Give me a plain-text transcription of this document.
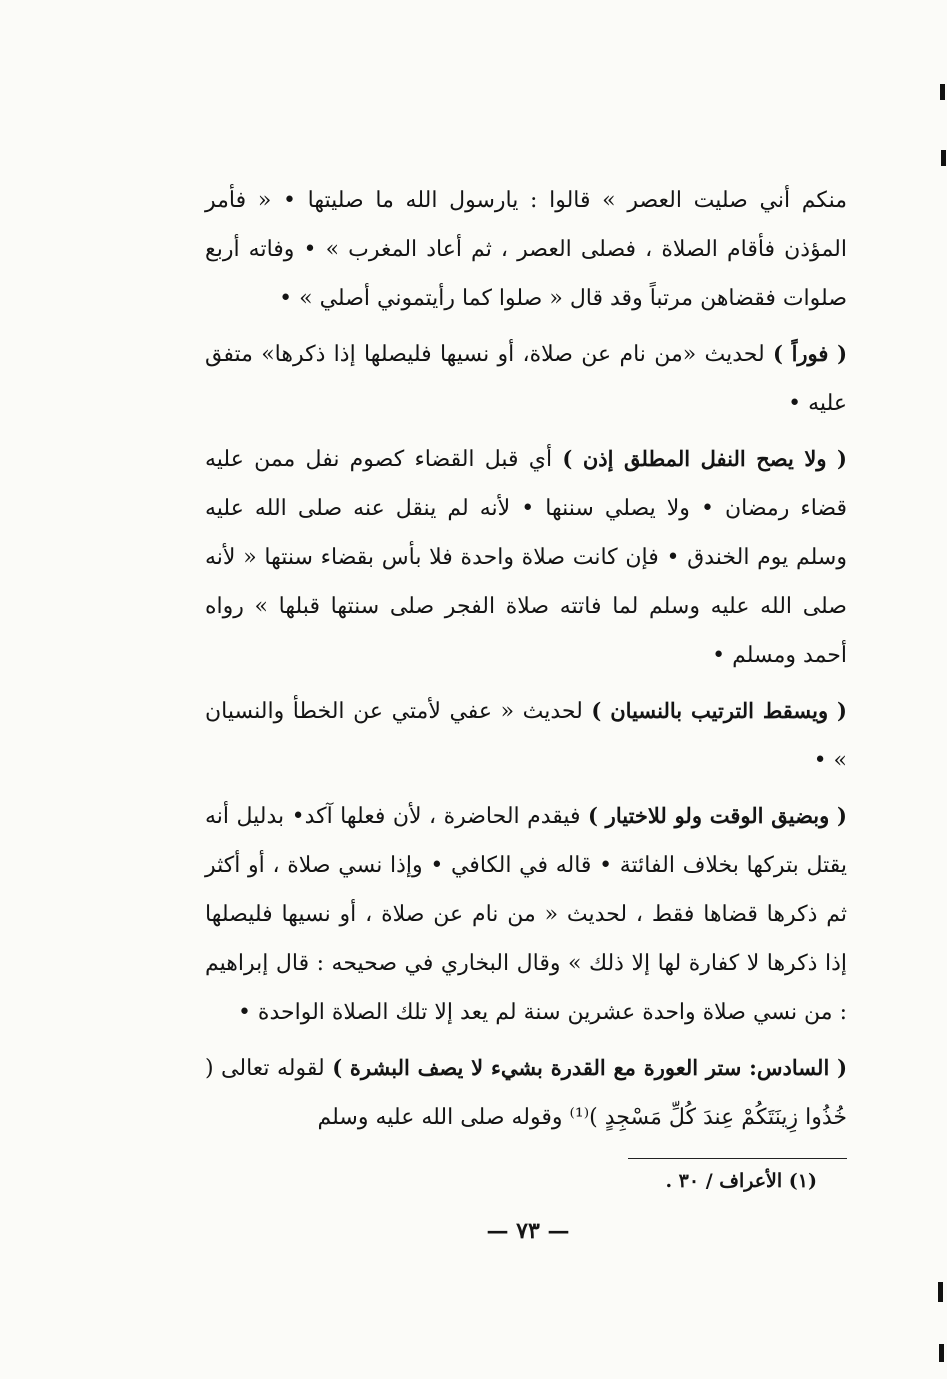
منكم أني صليت العصر » قالوا : يارسول الله ما صليتها • « فأمر المؤذن فأقام الصلاة ، فصلى العصر ، ثم أعاد المغرب » • وفاته أربع صلوات فقضاهن مرتباً وقد قال « صلوا كما رأيتموني أصلي » •

( فوراً ) لحديث «من نام عن صلاة، أو نسيها فليصلها إذا ذكرها» متفق عليه •

( ولا يصح النفل المطلق إذن ) أي قبل القضاء كصوم نفل ممن عليه قضاء رمضان • ولا يصلي سننها • لأنه لم ينقل عنه صلى الله عليه وسلم يوم الخندق • فإن كانت صلاة واحدة فلا بأس بقضاء سنتها « لأنه صلى الله عليه وسلم لما فاتته صلاة الفجر صلى سنتها قبلها » رواه أحمد ومسلم •

( ويسقط الترتيب بالنسيان ) لحديث « عفي لأمتي عن الخطأ والنسيان » •

( وبضيق الوقت ولو للاختيار ) فيقدم الحاضرة ، لأن فعلها آكد• بدليل أنه يقتل بتركها بخلاف الفائتة • قاله في الكافي • وإذا نسي صلاة ، أو أكثر ثم ذكرها قضاها فقط ، لحديث « من نام عن صلاة ، أو نسيها فليصلها إذا ذكرها لا كفارة لها إلا ذلك » وقال البخاري في صحيحه : قال إبراهيم : من نسي صلاة واحدة عشرين سنة لم يعد إلا تلك الصلاة الواحدة •

( السادس: ستر العورة مع القدرة بشيء لا يصف البشرة ) لقوله تعالى ( خُذُوا زِينَتَكُمْ عِندَ كُلِّ مَسْجِدٍ )⁽¹⁾ وقوله صلى الله عليه وسلم

(١) الأعراف / ٣٠ .
— ٧٣ —
